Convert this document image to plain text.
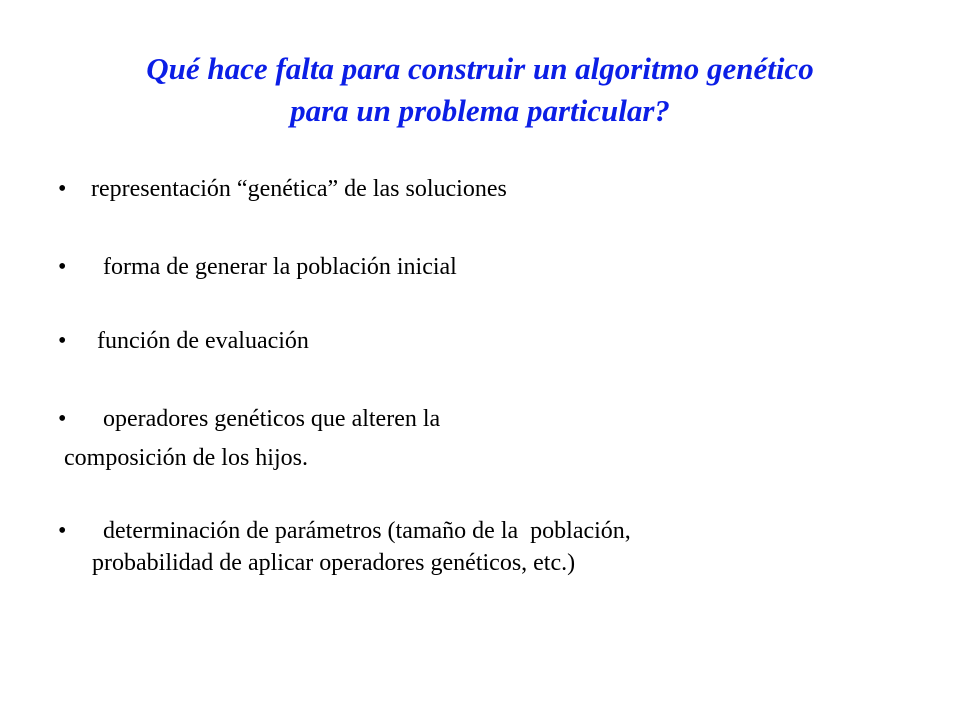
Qué hace falta para construir un algoritmo genético
para un problema particular?
• representación “genética” de las soluciones
• forma de generar la población inicial
• función de evaluación
• operadores genéticos que alteren la
• determinación de parámetros (tamaño de la  población,
composición de los hijos.
probabilidad de aplicar operadores genéticos, etc.)
